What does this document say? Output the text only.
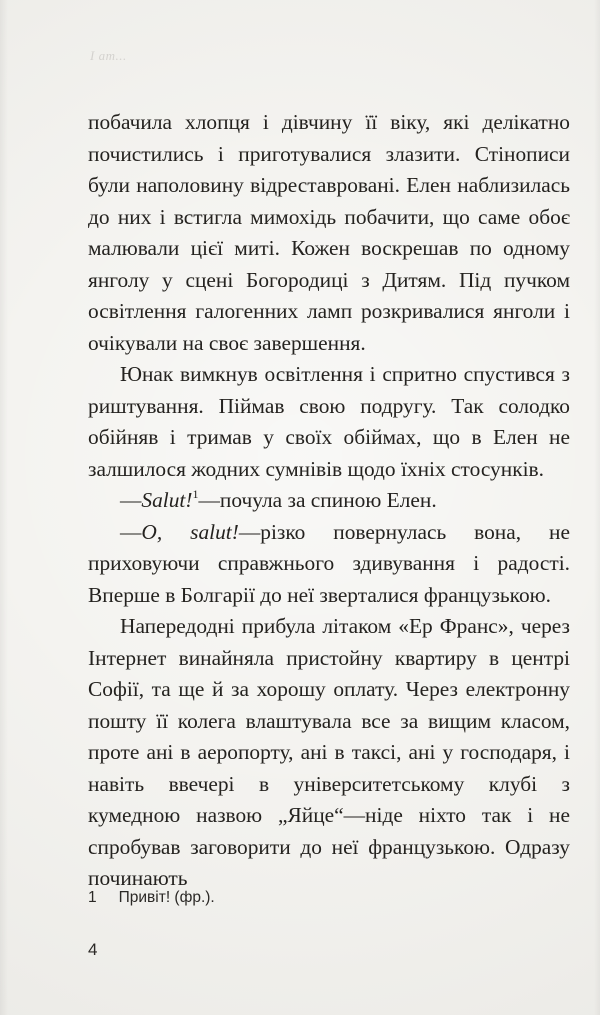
I am...

побачила хлопця і дівчину її віку, які делікатно почистились і приготувалися злазити. Стінописи були наполовину відреставровані. Елен наблизилась до них і встигла мимохідь побачити, що саме обоє малювали цієї миті. Кожен воскрешав по одному янголу у сцені Богородиці з Дитям. Під пучком освітлення галогенних ламп розкривалися янголи і очікували на своє завершення.

Юнак вимкнув освітлення і спритно спустився з риштування. Піймав свою подругу. Так солодко обійняв і тримав у своїх обіймах, що в Елен не залшилося жодних сумнівів щодо їхніх стосунків.

—Salut!$^1$—почула за спиною Елен.

—O, salut!—різко повернулась вона, не приховуючи справжнього здивування і радості. Вперше в Болгарії до неї зверталися французькою.

Напередодні прибула літаком «Ер Франс», через Інтернет винайняла пристойну квартиру в центрі Софії, та ще й за хорошу оплату. Через електронну пошту її колега влаштувала все за вищим класом, проте ані в аеропорту, ані в таксі, ані у господаря, і навіть ввечері в університетському клубі з кумедною назвою „Яйце“—ніде ніхто так і не спробував заговорити до неї французькою. Одразу починають

1 Привіт! (фр.).
4
